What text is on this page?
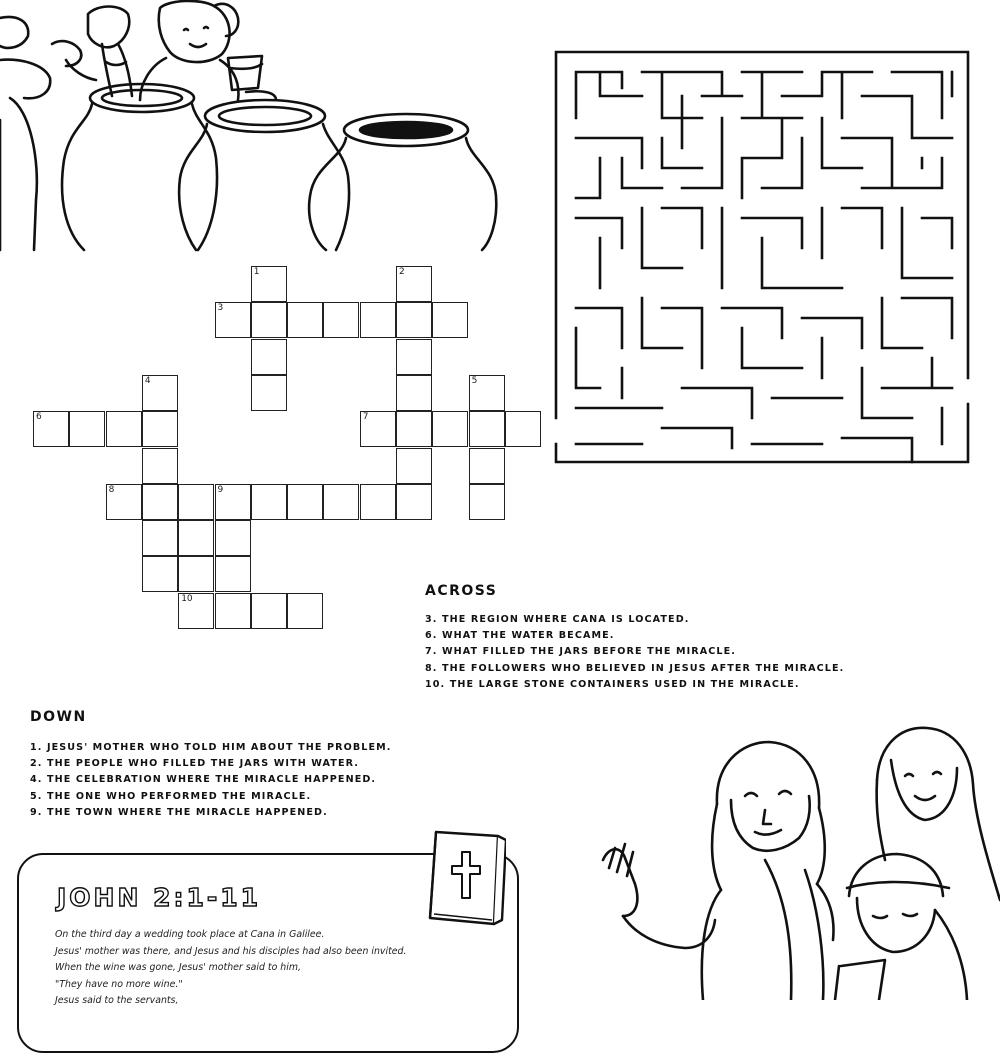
1	2
3
4
6	7
5
8	9
10	ACROSS
3. THE REGION WHERE CANA IS LOCATED.
6. WHAT THE WATER BECAME.
7. WHAT FILLED THE JARS BEFORE THE MIRACLE.
8. THE FOLLOWERS WHO BELIEVED IN JESUS AFTER THE MIRACLE.
10. THE LARGE STONE CONTAINERS USED IN THE MIRACLE.
DOWN
1. JESUS' MOTHER WHO TOLD HIM ABOUT THE PROBLEM.
2. THE PEOPLE WHO FILLED THE JARS WITH WATER.
4. THE CELEBRATION WHERE THE MIRACLE HAPPENED.
5. THE ONE WHO PERFORMED THE MIRACLE.
9. THE TOWN WHERE THE MIRACLE HAPPENED.
JOHN 2:1-11
On the third day a wedding took place at Cana in Galilee.
Jesus' mother was there, and Jesus and his disciples had also been invited.
When the wine was gone, Jesus' mother said to him,
"They have no more wine."
Jesus said to the servants,
